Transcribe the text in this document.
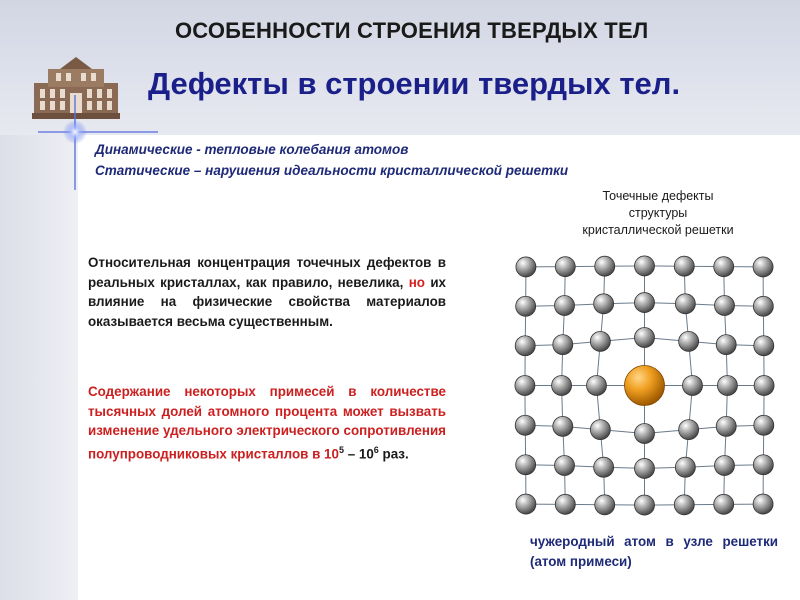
ОСОБЕННОСТИ СТРОЕНИЯ ТВЕРДЫХ ТЕЛ
Дефекты в строении твердых тел.
Динамические - тепловые колебания атомов
Статические – нарушения идеальности кристаллической решетки
Относительная концентрация точечных дефектов в реальных кристаллах, как правило, невелика, но их влияние на физические свойства материалов оказывается весьма существенным.
Содержание некоторых примесей в количестве тысячных долей атомного процента может вызвать изменение удельного электрического сопротивления полупроводниковых кристаллов в $10^5 - 10^6$ раз.
Точечные дефекты
структуры
кристаллической решетки
чужеродный атом в узле решетки (атом примеси)
